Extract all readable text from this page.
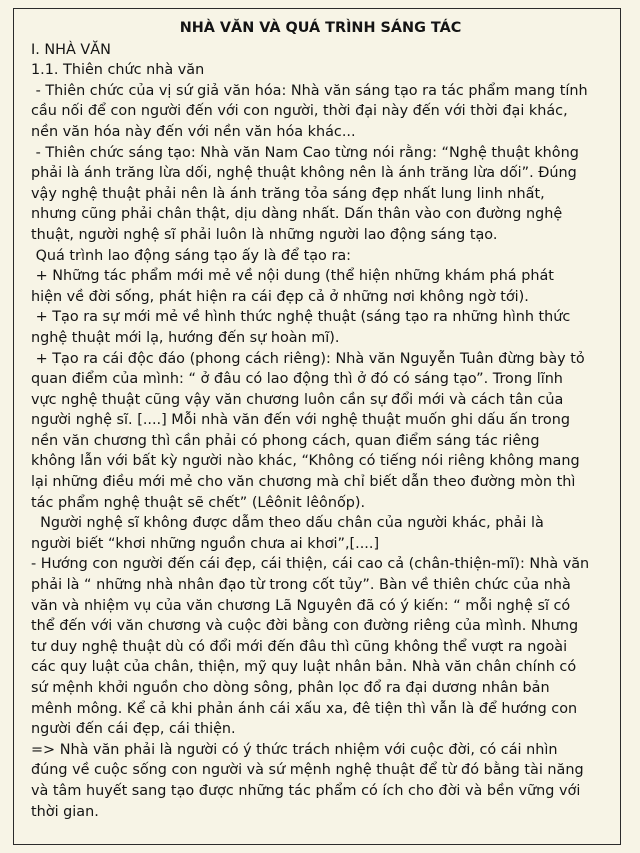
NHÀ VĂN VÀ QUÁ TRÌNH SÁNG TÁC
I. NHÀ VĂN
1.1. Thiên chức nhà văn
- Thiên chức của vị sứ giả văn hóa: Nhà văn sáng tạo ra tác phẩm mang tính
cầu nối để con người đến với con người, thời đại này đến với thời đại khác,
nền văn hóa này đến với nền văn hóa khác...
- Thiên chức sáng tạo: Nhà văn Nam Cao từng nói rằng: “Nghệ thuật không
phải là ánh trăng lừa dối, nghệ thuật không nên là ánh trăng lừa dối”. Đúng
vậy nghệ thuật phải nên là ánh trăng tỏa sáng đẹp nhất lung linh nhất,
nhưng cũng phải chân thật, dịu dàng nhất. Dấn thân vào con đường nghệ
thuật, người nghệ sĩ phải luôn là những người lao động sáng tạo.
Quá trình lao động sáng tạo ấy là để tạo ra:
+ Những tác phẩm mới mẻ về nội dung (thể hiện những khám phá phát
hiện về đời sống, phát hiện ra cái đẹp cả ở những nơi không ngờ tới).
+ Tạo ra sự mới mẻ về hình thức nghệ thuật (sáng tạo ra những hình thức
nghệ thuật mới lạ, hướng đến sự hoàn mĩ).
+ Tạo ra cái độc đáo (phong cách riêng): Nhà văn Nguyễn Tuân đừng bày tỏ
quan điểm của mình: “ ở đâu có lao động thì ở đó có sáng tạo”. Trong lĩnh
vực nghệ thuật cũng vậy văn chương luôn cần sự đổi mới và cách tân của
người nghệ sĩ. [....] Mỗi nhà văn đến với nghệ thuật muốn ghi dấu ấn trong
nền văn chương thì cần phải có phong cách, quan điểm sáng tác riêng
không lẫn với bất kỳ người nào khác, “Không có tiếng nói riêng không mang
lại những điều mới mẻ cho văn chương mà chỉ biết dẫn theo đường mòn thì
tác phẩm nghệ thuật sẽ chết” (Lêônit lêônốp).
Người nghệ sĩ không được dẫm theo dấu chân của người khác, phải là
người biết “khơi những nguồn chưa ai khơi”,[....]
- Hướng con người đến cái đẹp, cái thiện, cái cao cả (chân-thiện-mĩ): Nhà văn
phải là “ những nhà nhân đạo từ trong cốt tủy”. Bàn về thiên chức của nhà
văn và nhiệm vụ của văn chương Lã Nguyên đã có ý kiến: “ mỗi nghệ sĩ có
thể đến với văn chương và cuộc đời bằng con đường riêng của mình. Nhưng
tư duy nghệ thuật dù có đổi mới đến đâu thì cũng không thể vượt ra ngoài
các quy luật của chân, thiện, mỹ quy luật nhân bản. Nhà văn chân chính có
sứ mệnh khởi nguồn cho dòng sông, phân lọc đổ ra đại dương nhân bản
mênh mông. Kể cả khi phản ánh cái xấu xa, đê tiện thì vẫn là để hướng con
người đến cái đẹp, cái thiện.
=> Nhà văn phải là người có ý thức trách nhiệm với cuộc đời, có cái nhìn
đúng về cuộc sống con người và sứ mệnh nghệ thuật để từ đó bằng tài năng
và tâm huyết sang tạo được những tác phẩm có ích cho đời và bền vững với
thời gian.
